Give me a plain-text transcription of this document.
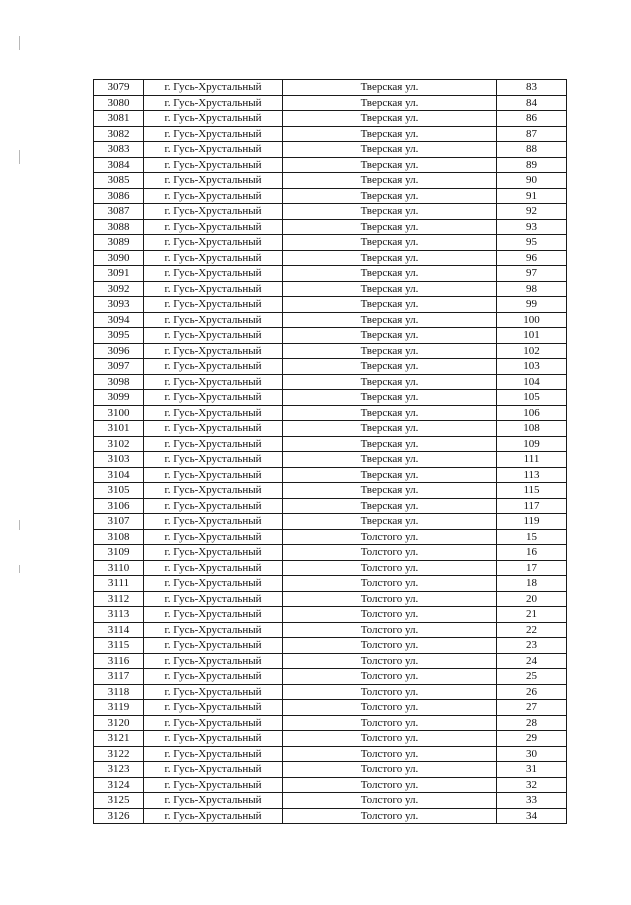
3079	г. Гусь-Хрустальный	Тверская ул.	83
3080	г. Гусь-Хрустальный	Тверская ул.	84
3081	г. Гусь-Хрустальный	Тверская ул.	86
3082	г. Гусь-Хрустальный	Тверская ул.	87
3083	г. Гусь-Хрустальный	Тверская ул.	88
3084	г. Гусь-Хрустальный	Тверская ул.	89
3085	г. Гусь-Хрустальный	Тверская ул.	90
3086	г. Гусь-Хрустальный	Тверская ул.	91
3087	г. Гусь-Хрустальный	Тверская ул.	92
3088	г. Гусь-Хрустальный	Тверская ул.	93
3089	г. Гусь-Хрустальный	Тверская ул.	95
3090	г. Гусь-Хрустальный	Тверская ул.	96
3091	г. Гусь-Хрустальный	Тверская ул.	97
3092	г. Гусь-Хрустальный	Тверская ул.	98
3093	г. Гусь-Хрустальный	Тверская ул.	99
3094	г. Гусь-Хрустальный	Тверская ул.	100
3095	г. Гусь-Хрустальный	Тверская ул.	101
3096	г. Гусь-Хрустальный	Тверская ул.	102
3097	г. Гусь-Хрустальный	Тверская ул.	103
3098	г. Гусь-Хрустальный	Тверская ул.	104
3099	г. Гусь-Хрустальный	Тверская ул.	105
3100	г. Гусь-Хрустальный	Тверская ул.	106
3101	г. Гусь-Хрустальный	Тверская ул.	108
3102	г. Гусь-Хрустальный	Тверская ул.	109
3103	г. Гусь-Хрустальный	Тверская ул.	111
3104	г. Гусь-Хрустальный	Тверская ул.	113
3105	г. Гусь-Хрустальный	Тверская ул.	115
3106	г. Гусь-Хрустальный	Тверская ул.	117
3107	г. Гусь-Хрустальный	Тверская ул.	119
3108	г. Гусь-Хрустальный	Толстого ул.	15
3109	г. Гусь-Хрустальный	Толстого ул.	16
3110	г. Гусь-Хрустальный	Толстого ул.	17
3111	г. Гусь-Хрустальный	Толстого ул.	18
3112	г. Гусь-Хрустальный	Толстого ул.	20
3113	г. Гусь-Хрустальный	Толстого ул.	21
3114	г. Гусь-Хрустальный	Толстого ул.	22
3115	г. Гусь-Хрустальный	Толстого ул.	23
3116	г. Гусь-Хрустальный	Толстого ул.	24
3117	г. Гусь-Хрустальный	Толстого ул.	25
3118	г. Гусь-Хрустальный	Толстого ул.	26
3119	г. Гусь-Хрустальный	Толстого ул.	27
3120	г. Гусь-Хрустальный	Толстого ул.	28
3121	г. Гусь-Хрустальный	Толстого ул.	29
3122	г. Гусь-Хрустальный	Толстого ул.	30
3123	г. Гусь-Хрустальный	Толстого ул.	31
3124	г. Гусь-Хрустальный	Толстого ул.	32
3125	г. Гусь-Хрустальный	Толстого ул.	33
3126	г. Гусь-Хрустальный	Толстого ул.	34
